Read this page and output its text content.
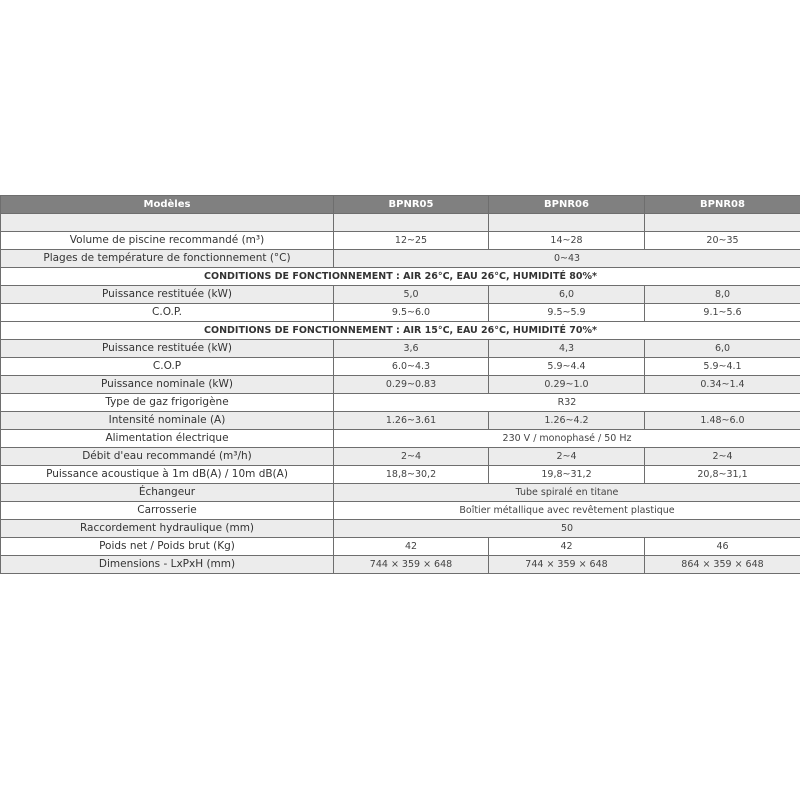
Modèles	BPNR05	BPNR06	BPNR08

Volume de piscine recommandé (m³)	12~25	14~28	20~35
Plages de température de fonctionnement (°C)	0~43		
CONDITIONS DE FONCTIONNEMENT : AIR 26°C, EAU 26°C, HUMIDITÉ 80%*			
Puissance restituée (kW)	5,0	6,0	8,0
C.O.P.	9.5~6.0	9.5~5.9	9.1~5.6
CONDITIONS DE FONCTIONNEMENT : AIR 15°C, EAU 26°C, HUMIDITÉ 70%*			
Puissance restituée (kW)	3,6	4,3	6,0
C.O.P	6.0~4.3	5.9~4.4	5.9~4.1
Puissance nominale (kW)	0.29~0.83	0.29~1.0	0.34~1.4
Type de gaz frigorigène	R32		
Intensité nominale (A)	1.26~3.61	1.26~4.2	1.48~6.0
Alimentation électrique	230 V / monophasé / 50 Hz		
Débit d'eau recommandé (m³/h)	2~4	2~4	2~4
Puissance acoustique à 1m dB(A) / 10m dB(A)	18,8~30,2	19,8~31,2	20,8~31,1
Échangeur	Tube spiralé en titane		
Carrosserie	Boîtier métallique avec revêtement plastique		
Raccordement hydraulique (mm)	50		
Poids net / Poids brut (Kg)	42	42	46
Dimensions - LxPxH (mm)	744 × 359 × 648	744 × 359 × 648	864 × 359 × 648
